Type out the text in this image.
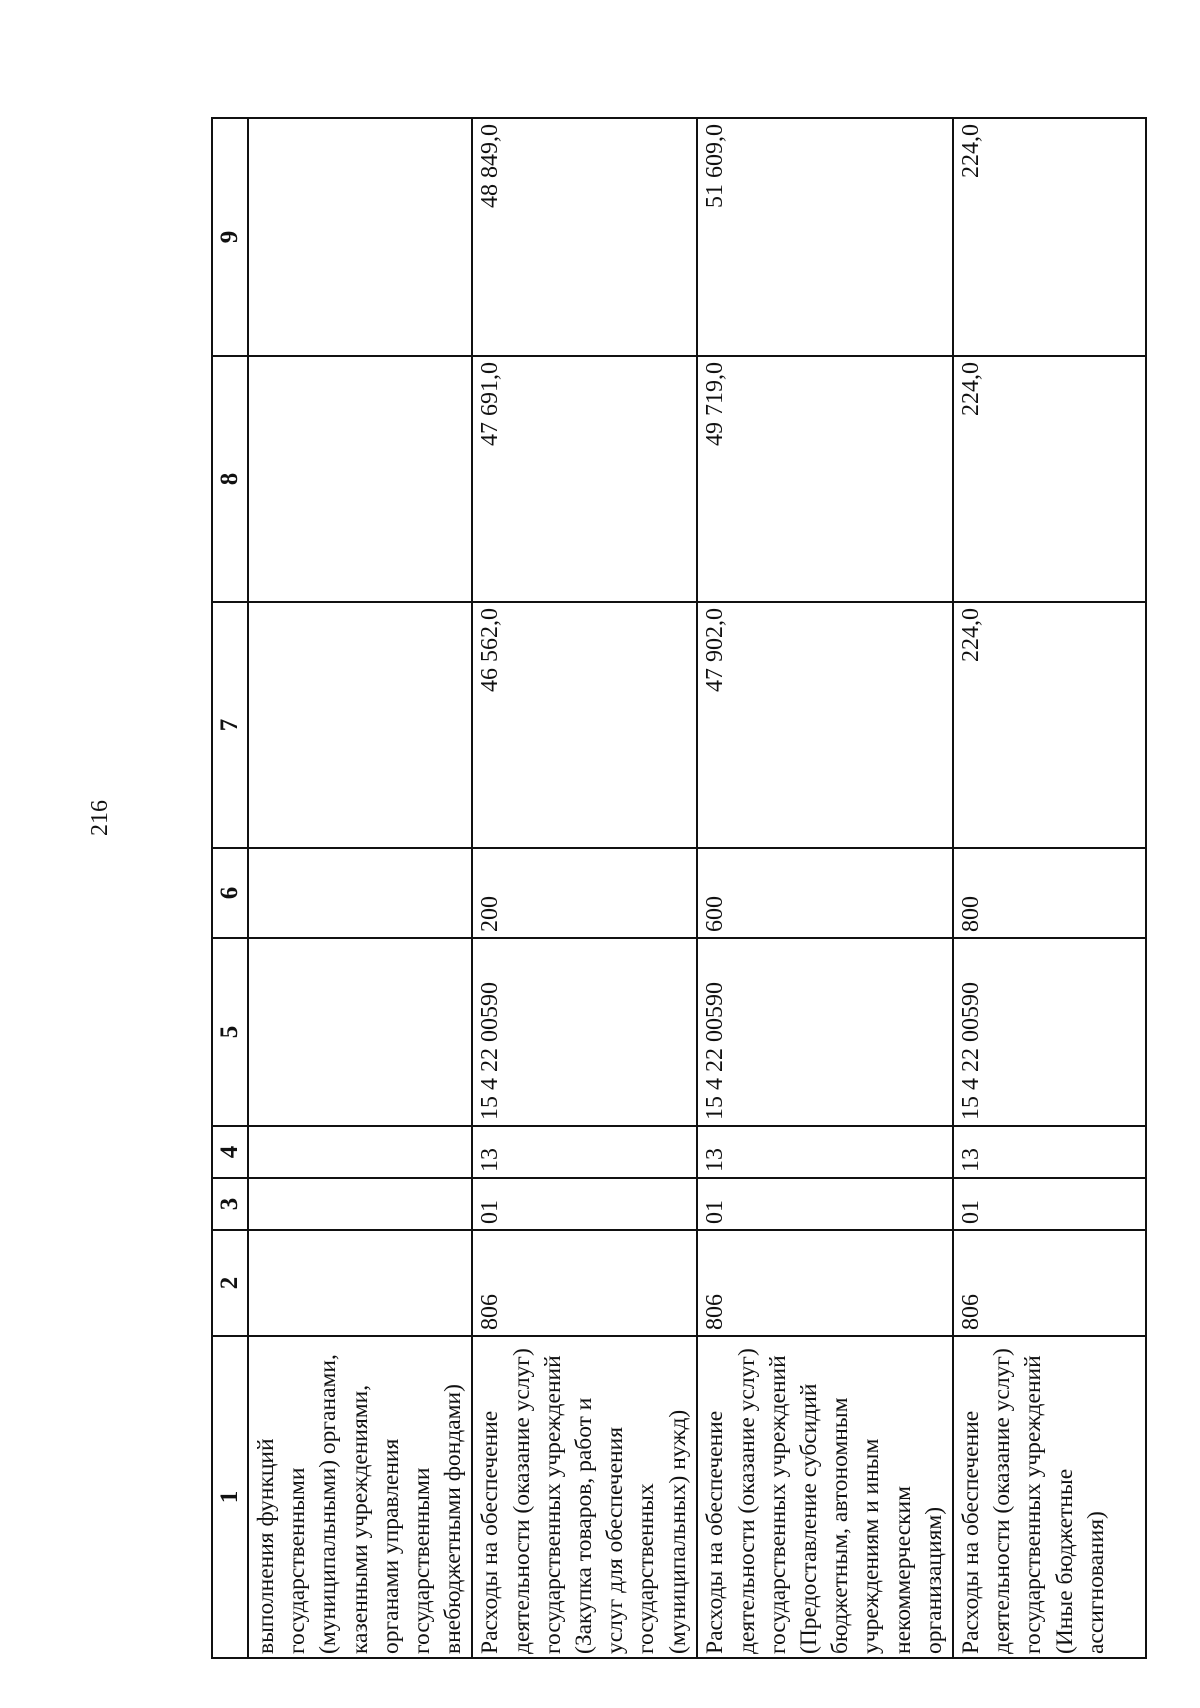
216
1	2	3	4	5	6	7	8	9
выполнения функций государственными (муниципальными) органами, казенными учреждениями, органами управления государственными внебюджетными фондами)								
Расходы на обеспечение деятельности (оказание услуг) государственных учреждений (Закупка товаров, работ и услуг для обеспечения государственных (муниципальных) нужд)	806	01	13	15 4 22 00590	200	46 562,0	47 691,0	48 849,0
Расходы на обеспечение деятельности (оказание услуг) государственных учреждений (Предоставление субсидий бюджетным, автономным учреждениям и иным некоммерческим организациям)	806	01	13	15 4 22 00590	600	47 902,0	49 719,0	51 609,0
Расходы на обеспечение деятельности (оказание услуг) государственных учреждений (Иные бюджетные ассигнования)	806	01	13	15 4 22 00590	800	224,0	224,0	224,0
